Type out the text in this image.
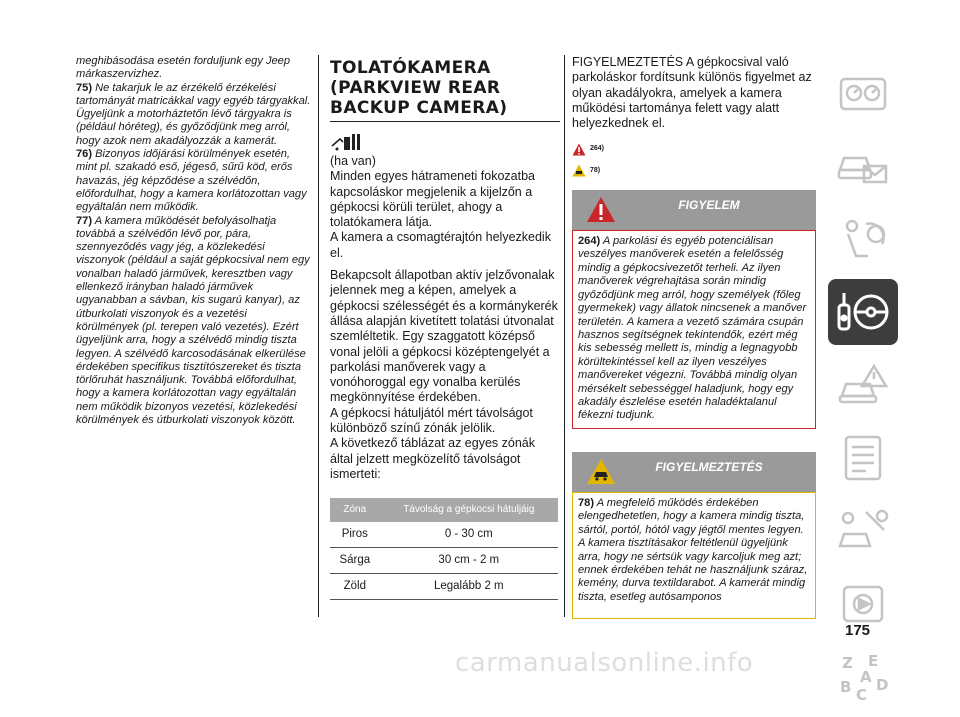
meghibásodása esetén forduljunk egy Jeep márkaszervizhez.

75) Ne takarjuk le az érzékelő érzékelési tartományát matricákkal vagy egyéb tárgyakkal. Ügyeljünk a motorháztetőn lévő tárgyakra is (például hóréteg), és győződjünk meg arról, hogy azok nem akadályozzák a kamerát.

76) Bizonyos időjárási körülmények esetén, mint pl. szakadó eső, jégeső, sűrű köd, erős havazás, jég képződése a szélvédőn, előfordulhat, hogy a kamera korlátozottan vagy egyáltalán nem működik.

77) A kamera működését befolyásolhatja továbbá a szélvédőn lévő por, pára, szennyeződés vagy jég, a közlekedési viszonyok (például a saját gépkocsival nem egy vonalban haladó járművek, keresztben vagy ellenkező irányban haladó járművek ugyanabban a sávban, kis sugarú kanyar), az útburkolati viszonyok és a vezetési körülmények (pl. terepen való vezetés). Ezért ügyeljünk arra, hogy a szélvédő mindig tiszta legyen. A szélvédő karcosodásának elkerülése érdekében speciﬁkus tisztítószereket és tiszta törlőruhát használjunk. Továbbá előfordulhat, hogy a kamera korlátozottan vagy egyáltalán nem működik bizonyos vezetési, közlekedési körülmények és útburkolati viszonyok között.

TOLATÓKAMERA (PARKVIEW REAR BACKUP CAMERA)

(ha van)

Minden egyes hátrameneti fokozatba kapcsoláskor megjelenik a kijelzőn a gépkocsi körüli terület, ahogy a tolatókamera látja.

A kamera a csomagtérajtón helyezkedik el.

Bekapcsolt állapotban aktív jelzővonalak jelennek meg a képen, amelyek a gépkocsi szélességét és a kormánykerék állása alapján kivetített tolatási útvonalat szemléltetik. Egy szaggatott középső vonal jelöli a gépkocsi középtengelyét a parkolási manőverek vagy a vonóhoroggal egy vonalba kerülés megkönnyítése érdekében.

A gépkocsi hátuljától mért távolságot különböző színű zónák jelölik.

A következő táblázat az egyes zónák által jelzett megközelítő távolságot ismerteti:

Zóna	Távolság a gépkocsi hátuljáig
Piros	0 - 30 cm
Sárga	30 cm - 2 m
Zöld	Legalább 2 m

FIGYELMEZTETÉS A gépkocsival való parkoláskor fordítsunk különös figyelmet az olyan akadályokra, amelyek a kamera működési tartománya felett vagy alatt helyezkednek el.

264)
78)
FIGYELEM
264) A parkolási és egyéb potenciálisan veszélyes manőverek esetén a felelősség mindig a gépkocsivezetőt terheli. Az ilyen manőverek végrehajtása során mindig győződjünk meg arról, hogy személyek (főleg gyermekek) vagy állatok nincsenek a manőver területén. A kamera a vezető számára csupán hasznos segítségnek tekintendők, ezért még kis sebesség mellett is, mindig a legnagyobb körültekintéssel kell az ilyen veszélyes manővereket végezni. Továbbá mindig olyan mérsékelt sebességgel haladjunk, hogy egy akadály észlelése esetén haladéktalanul fékezni tudjunk.
FIGYELMEZTETÉS
78) A megfelelő működés érdekében elengedhetetlen, hogy a kamera mindig tiszta, sártól, portól, hótól vagy jégtől mentes legyen. A kamera tisztításakor feltétlenül ügyeljünk arra, hogy ne sértsük vagy karcoljuk meg azt; ennek érdekében tehát ne használjunk száraz, kemény, durva textildarabot. A kamerát mindig tiszta, esetleg autósamponos
Z E
B C
D
A
175
carmanualsonline.info
